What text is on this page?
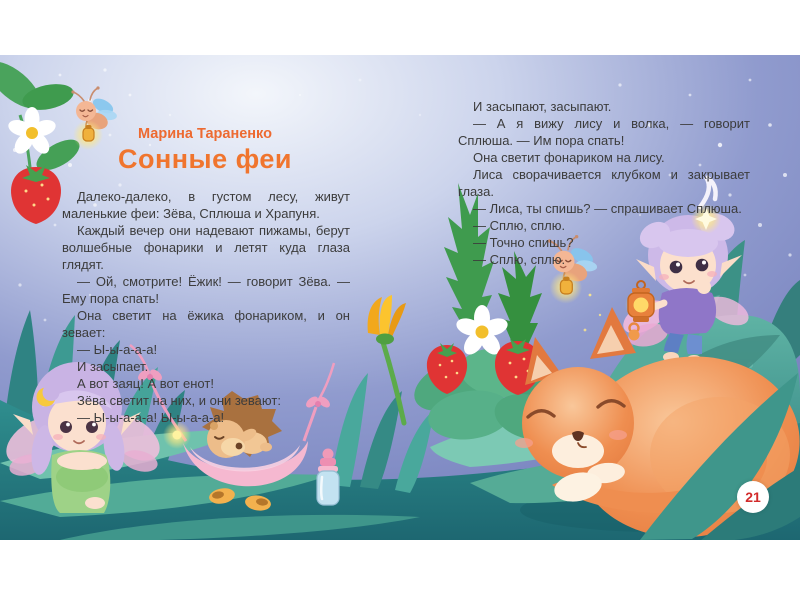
Марина Тараненко
Сонные феи

Далеко-далеко, в густом лесу, живут маленькие феи: Зёва, Сплюша и Храпуня.

Каждый вечер они надевают пижамы, берут волшебные фонарики и летят куда глаза глядят.

— Ой, смотрите! Ёжик! — говорит Зёва. — Ему пора спать!

Она светит на ёжика фонариком, и он зевает:

— Ы-ы-а-а-а!

И засыпает.

А вот заяц! А вот енот!

Зёва светит на них, и они зевают:

— Ы-ы-а-а-а! Ы-ы-а-а-а!

И засыпают, засыпают.

— А я вижу лису и волка, — говорит Сплюша. — Им пора спать!

Она светит фонариком на лису.

Лиса сворачивается клубком и закрывает глаза.

— Лиса, ты спишь? — спрашивает Сплюша.

— Сплю, сплю.

— Точно спишь?

— Сплю, сплю.

21
